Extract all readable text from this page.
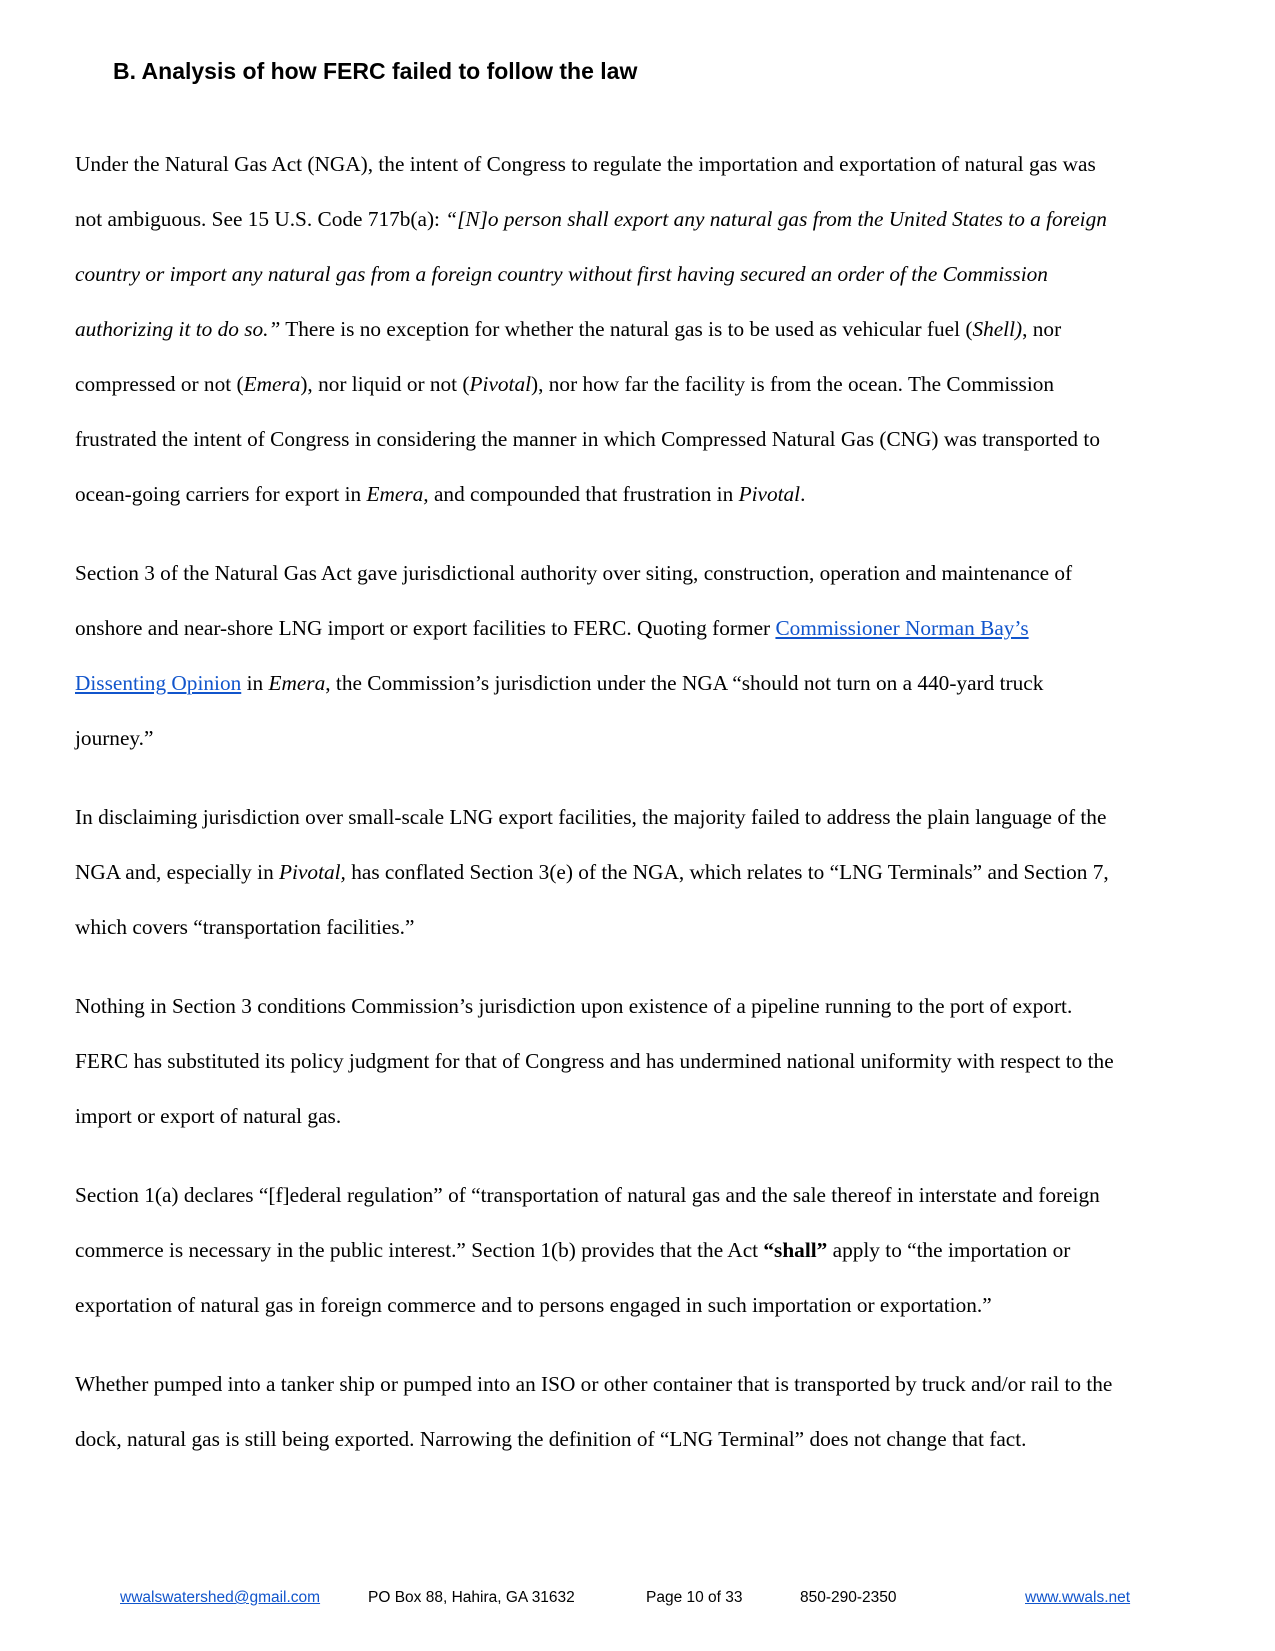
B. Analysis of how FERC failed to follow the law

Under the Natural Gas Act (NGA), the intent of Congress to regulate the importation and exportation of natural gas was
not ambiguous. See 15 U.S. Code 717b(a): “[N]o person shall export any natural gas from the United States to a foreign
country or import any natural gas from a foreign country without first having secured an order of the Commission
authorizing it to do so.” There is no exception for whether the natural gas is to be used as vehicular fuel (Shell), nor
compressed or not (Emera), nor liquid or not (Pivotal), nor how far the facility is from the ocean. The Commission
frustrated the intent of Congress in considering the manner in which Compressed Natural Gas (CNG) was transported to
ocean-going carriers for export in Emera, and compounded that frustration in Pivotal.

Section 3 of the Natural Gas Act gave jurisdictional authority over siting, construction, operation and maintenance of
onshore and near-shore LNG import or export facilities to FERC. Quoting former Commissioner Norman Bay’s
Dissenting Opinion in Emera, the Commission’s jurisdiction under the NGA “should not turn on a 440-yard truck
journey.”

In disclaiming jurisdiction over small-scale LNG export facilities, the majority failed to address the plain language of the
NGA and, especially in Pivotal, has conflated Section 3(e) of the NGA, which relates to “LNG Terminals” and Section 7,
which covers “transportation facilities.”

Nothing in Section 3 conditions Commission’s jurisdiction upon existence of a pipeline running to the port of export.
FERC has substituted its policy judgment for that of Congress and has undermined national uniformity with respect to the
import or export of natural gas.

Section 1(a) declares “[f]ederal regulation” of “transportation of natural gas and the sale thereof in interstate and foreign
commerce is necessary in the public interest.” Section 1(b) provides that the Act “shall” apply to “the importation or
exportation of natural gas in foreign commerce and to persons engaged in such importation or exportation.”

Whether pumped into a tanker ship or pumped into an ISO or other container that is transported by truck and/or rail to the
dock, natural gas is still being exported. Narrowing the definition of “LNG Terminal” does not change that fact.

wwalswatershed@gmail.com	PO Box 88, Hahira, GA 31632	Page 10 of 33	850-290-2350	www.wwals.net
